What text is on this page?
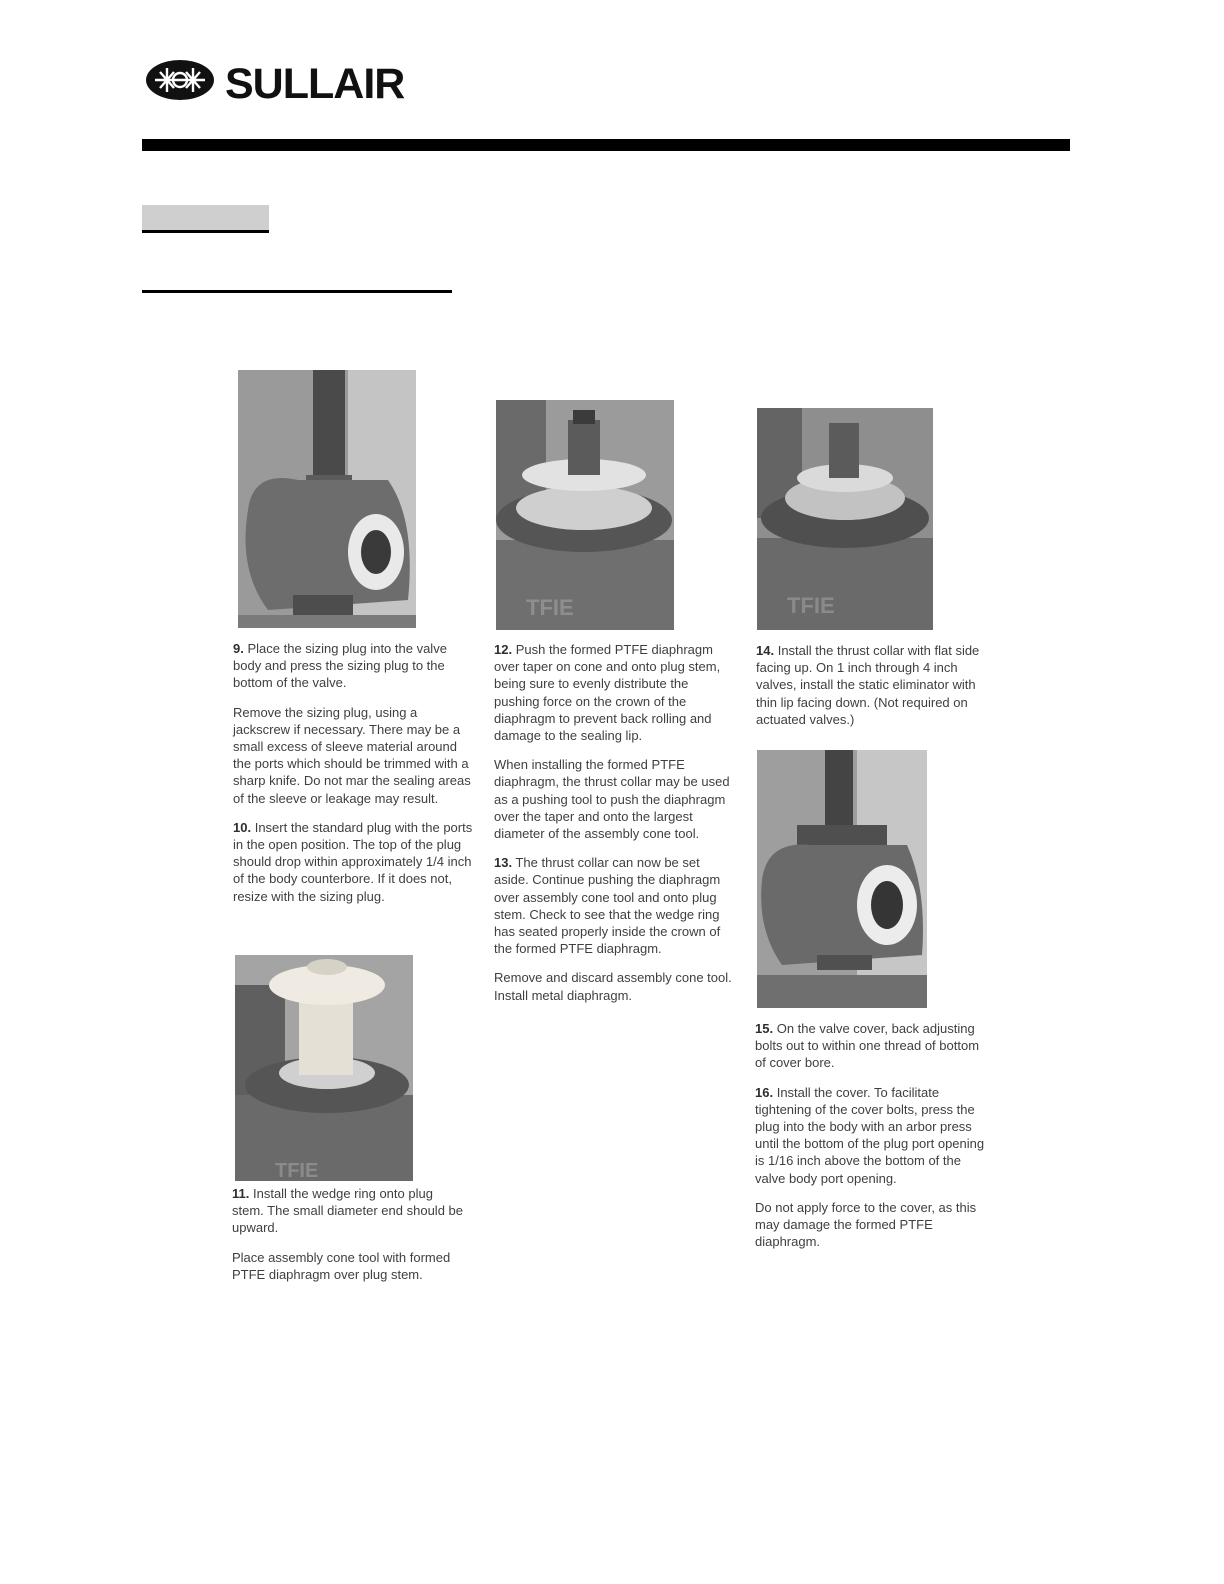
SULLAIR
TFIE	TFIE
TFIE

9. Place the sizing plug into the valve body and press the sizing plug to the bottom of the valve.

Remove the sizing plug, using a jackscrew if necessary. There may be a small excess of sleeve material around the ports which should be trimmed with a sharp knife. Do not mar the sealing areas of the sleeve or leakage may result.

10. Insert the standard plug with the ports in the open position. The top of the plug should drop within approximately 1/4 inch of the body counterbore. If it does not, resize with the sizing plug.

11. Install the wedge ring onto plug stem. The small diameter end should be upward.

Place assembly cone tool with formed PTFE diaphragm over plug stem.

12. Push the formed PTFE diaphragm over taper on cone and onto plug stem, being sure to evenly distribute the pushing force on the crown of the diaphragm to prevent back rolling and damage to the sealing lip.

When installing the formed PTFE diaphragm, the thrust collar may be used as a pushing tool to push the diaphragm over the taper and onto the largest diameter of the assembly cone tool.

13. The thrust collar can now be set aside. Continue pushing the diaphragm over assembly cone tool and onto plug stem. Check to see that the wedge ring has seated properly inside the crown of the formed PTFE diaphragm.

Remove and discard assembly cone tool. Install metal diaphragm.

14. Install the thrust collar with flat side facing up. On 1 inch through 4 inch valves, install the static eliminator with thin lip facing down. (Not required on actuated valves.)

15. On the valve cover, back adjusting bolts out to within one thread of bottom of cover bore.

16. Install the cover. To facilitate tightening of the cover bolts, press the plug into the body with an arbor press until the bottom of the plug port opening is 1/16 inch above the bottom of the valve body port opening.

Do not apply force to the cover, as this may damage the formed PTFE diaphragm.
